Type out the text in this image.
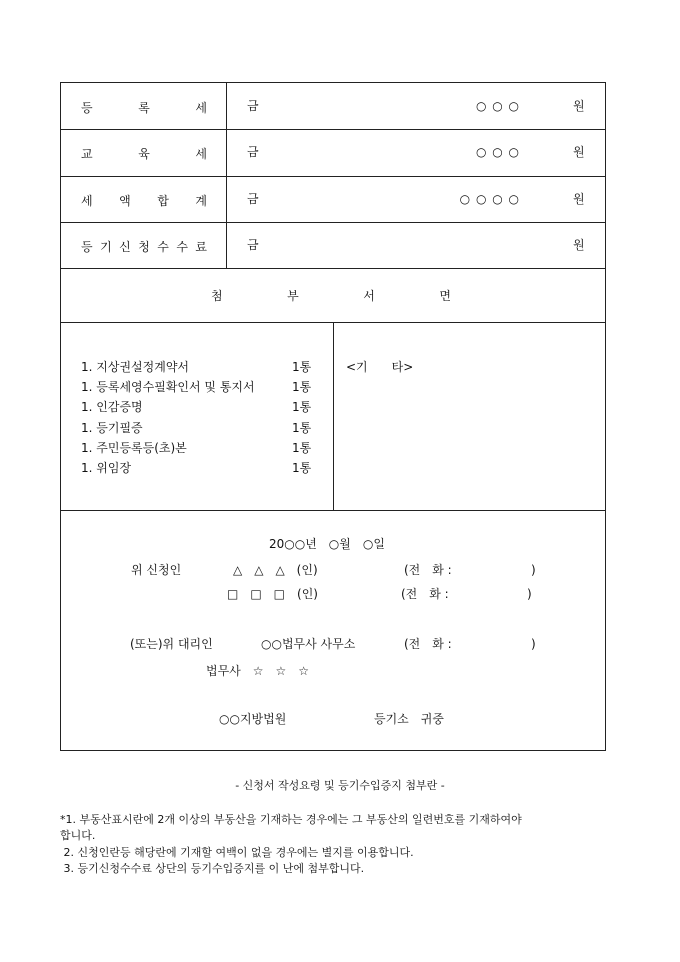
등	록	세	금	○ ○ ○	원
교	육	세	금	○ ○ ○	원
세 액 합 계	금	○ ○ ○ ○	원
등 기 신 청 수 수 료	금	원
첨	부	서	면
1. 지상권설정계약서	1통
1. 등록세영수필확인서 및 통지서	1통
1. 인감증명	1통
1. 등기필증	1통
1. 주민등록등(초)본	1통
1. 위임장	1통
<기　　타>
20○○년　○월　○일
위 신청인	△　△　△　(인)	(전　화 :	)
□　□　□　(인)	(전　화 :	)
(또는)위 대리인	○○법무사 사무소	(전　화 :	)
법무사　☆　☆　☆
○○지방법원	등기소　귀중
- 신청서 작성요령 및 등기수입증지 첨부란 -
*1. 부동산표시란에 2개 이상의 부동산을 기재하는 경우에는 그 부동산의 일련번호를 기재하여야
합니다.
2. 신청인란등 해당란에 기재할 여백이 없을 경우에는 별지를 이용합니다.
3. 등기신청수수료 상단의 등기수입증지를 이 난에 첨부합니다.
